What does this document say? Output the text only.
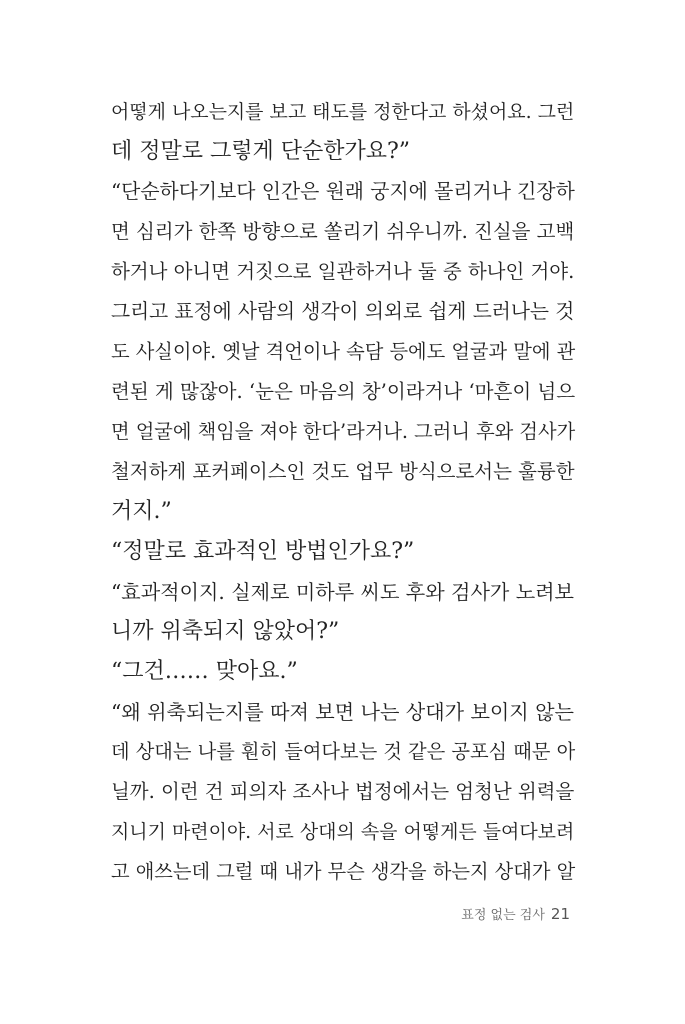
어떻게 나오는지를 보고 태도를 정한다고 하셨어요. 그런
데 정말로 그렇게 단순한가요?”
“단순하다기보다 인간은 원래 궁지에 몰리거나 긴장하
면 심리가 한쪽 방향으로 쏠리기 쉬우니까. 진실을 고백
하거나 아니면 거짓으로 일관하거나 둘 중 하나인 거야.
그리고 표정에 사람의 생각이 의외로 쉽게 드러나는 것
도 사실이야. 옛날 격언이나 속담 등에도 얼굴과 말에 관
련된 게 많잖아. ‘눈은 마음의 창’이라거나 ‘마흔이 넘으
면 얼굴에 책임을 져야 한다’라거나. 그러니 후와 검사가
철저하게 포커페이스인 것도 업무 방식으로서는 훌륭한
거지.”
“정말로 효과적인 방법인가요?”
“효과적이지. 실제로 미하루 씨도 후와 검사가 노려보
니까 위축되지 않았어?”
“그건…… 맞아요.”
“왜 위축되는지를 따져 보면 나는 상대가 보이지 않는
데 상대는 나를 훤히 들여다보는 것 같은 공포심 때문 아
닐까. 이런 건 피의자 조사나 법정에서는 엄청난 위력을
지니기 마련이야. 서로 상대의 속을 어떻게든 들여다보려
고 애쓰는데 그럴 때 내가 무슨 생각을 하는지 상대가 알
표정 없는 검사 21
